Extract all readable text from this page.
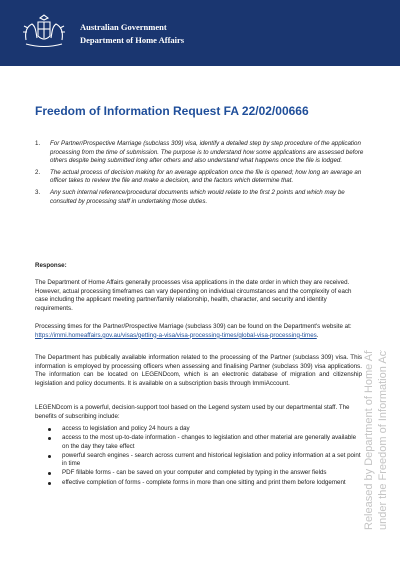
Australian Government
Department of Home Affairs
Freedom of Information Request FA 22/02/00666
1. For Partner/Prospective Marriage (subclass 309) visa, identify a detailed step by step procedure of the application processing from the time of submission. The purpose is to understand how some applications are assessed before others despite being submitted long after others and also understand what happens once the file is lodged.
2. The actual process of decision making for an average application once the file is opened; how long an average an officer takes to review the file and make a decision, and the factors which determine that.
3. Any such internal reference/procedural documents which would relate to the first 2 points and which may be consulted by processing staff in undertaking those duties.
Response:

The Department of Home Affairs generally processes visa applications in the date order in which they are received. However, actual processing timeframes can vary depending on individual circumstances and the complexity of each case including the applicant meeting partner/family relationship, health, character, and security and identity requirements.

Processing times for the Partner/Prospective Marriage (subclass 309) can be found on the Department's website at: https://immi.homeaffairs.gov.au/visas/getting-a-visa/visa-processing-times/global-visa-processing-times.

The Department has publically available information related to the processing of the Partner (subclass 309) visa. This information is employed by processing officers when assessing and finalising Partner (subclass 309) visa applications. The information can be located on LEGENDcom, which is an electronic database of migration and citizenship legislation and policy documents. It is available on a subscription basis through ImmiAccount.

LEGENDcom is a powerful, decision-support tool based on the Legend system used by our departmental staff. The benefits of subscribing include:

access to legislation and policy 24 hours a day
access to the most up-to-date information - changes to legislation and other material are generally available on the day they take effect
powerful search engines - search across current and historical legislation and policy information at a set point in time
PDF fillable forms - can be saved on your computer and completed by typing in the answer fields
effective completion of forms - complete forms in more than one sitting and print them before lodgement	Released by Department of Home Affairs under the Freedom of Information Act 1982
